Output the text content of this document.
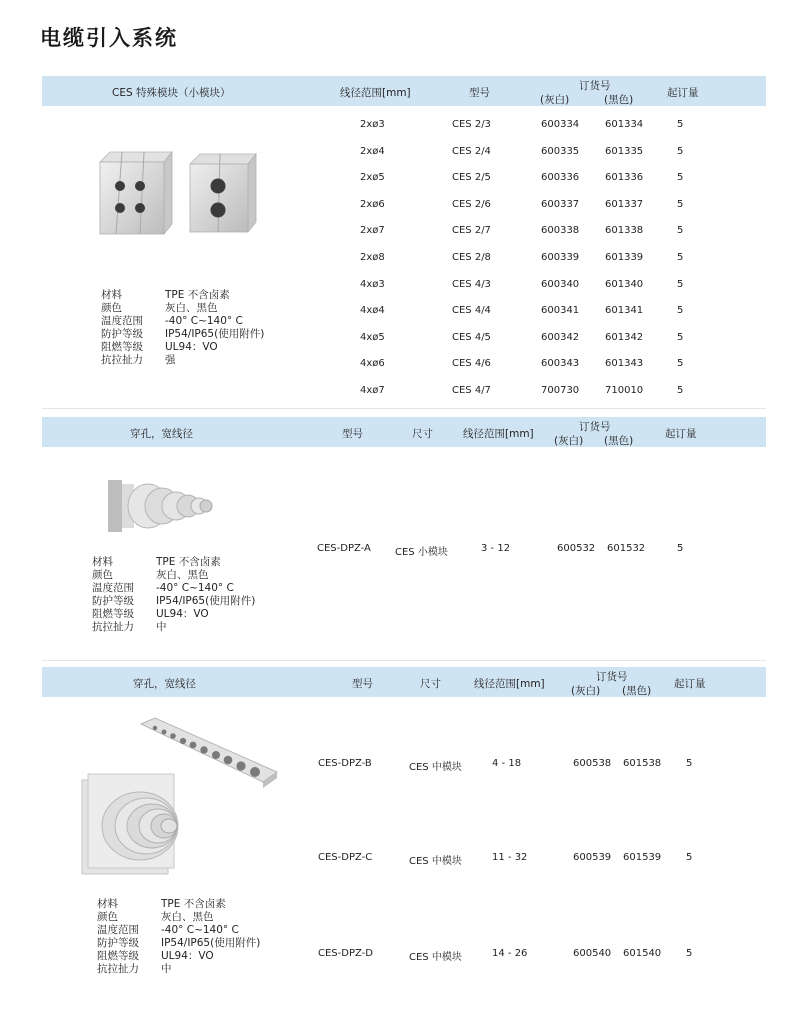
电缆引入系统
CES 特殊模块（小模块）	线径范围[mm]	型号
订货号
(灰白)	(黑色)
起订量
2xø3	CES 2/3	600334	601334	5
2xø4	CES 2/4	600335	601335	5
2xø5	CES 2/5	600336	601336	5
2xø6	CES 2/6	600337	601337	5
2xø7	CES 2/7	600338	601338	5
2xø8	CES 2/8	600339	601339	5
4xø3	CES 4/3	600340	601340	5
4xø4	CES 4/4	600341	601341	5
4xø5	CES 4/5	600342	601342	5
4xø6	CES 4/6	600343	601343	5
4xø7	CES 4/7	700730	710010	5
材料	TPE 不含卤素
颜色	灰白、黑色
温度范围 -40° C~140° C
防护等级 IP54/IP65(使用附件)
阻燃等级 UL94：VO
抗拉扯力 强
穿孔，宽线径	型号	尺寸	线径范围[mm]
订货号
(灰白) (黑色)
起订量
CES-DPZ-A CES 小模块	3 - 12	600532 601532	5
材料	TPE 不含卤素
颜色	灰白、黑色
温度范围 -40° C~140° C
防护等级 IP54/IP65(使用附件)
阻燃等级 UL94：VO
抗拉扯力 中
穿孔，宽线径	型号	尺寸	线径范围[mm]
订货号
(灰白) (黑色)
起订量
CES-DPZ-B	CES 中模块	4 - 18	600538 601538 5
CES-DPZ-C	CES 中模块	11 - 32	600539 601539 5
CES-DPZ-D	CES 中模块	14 - 26	600540 601540 5
材料	TPE 不含卤素
颜色	灰白、黑色
温度范围 -40° C~140° C
防护等级 IP54/IP65(使用附件)
阻燃等级 UL94：VO
抗拉扯力 中
